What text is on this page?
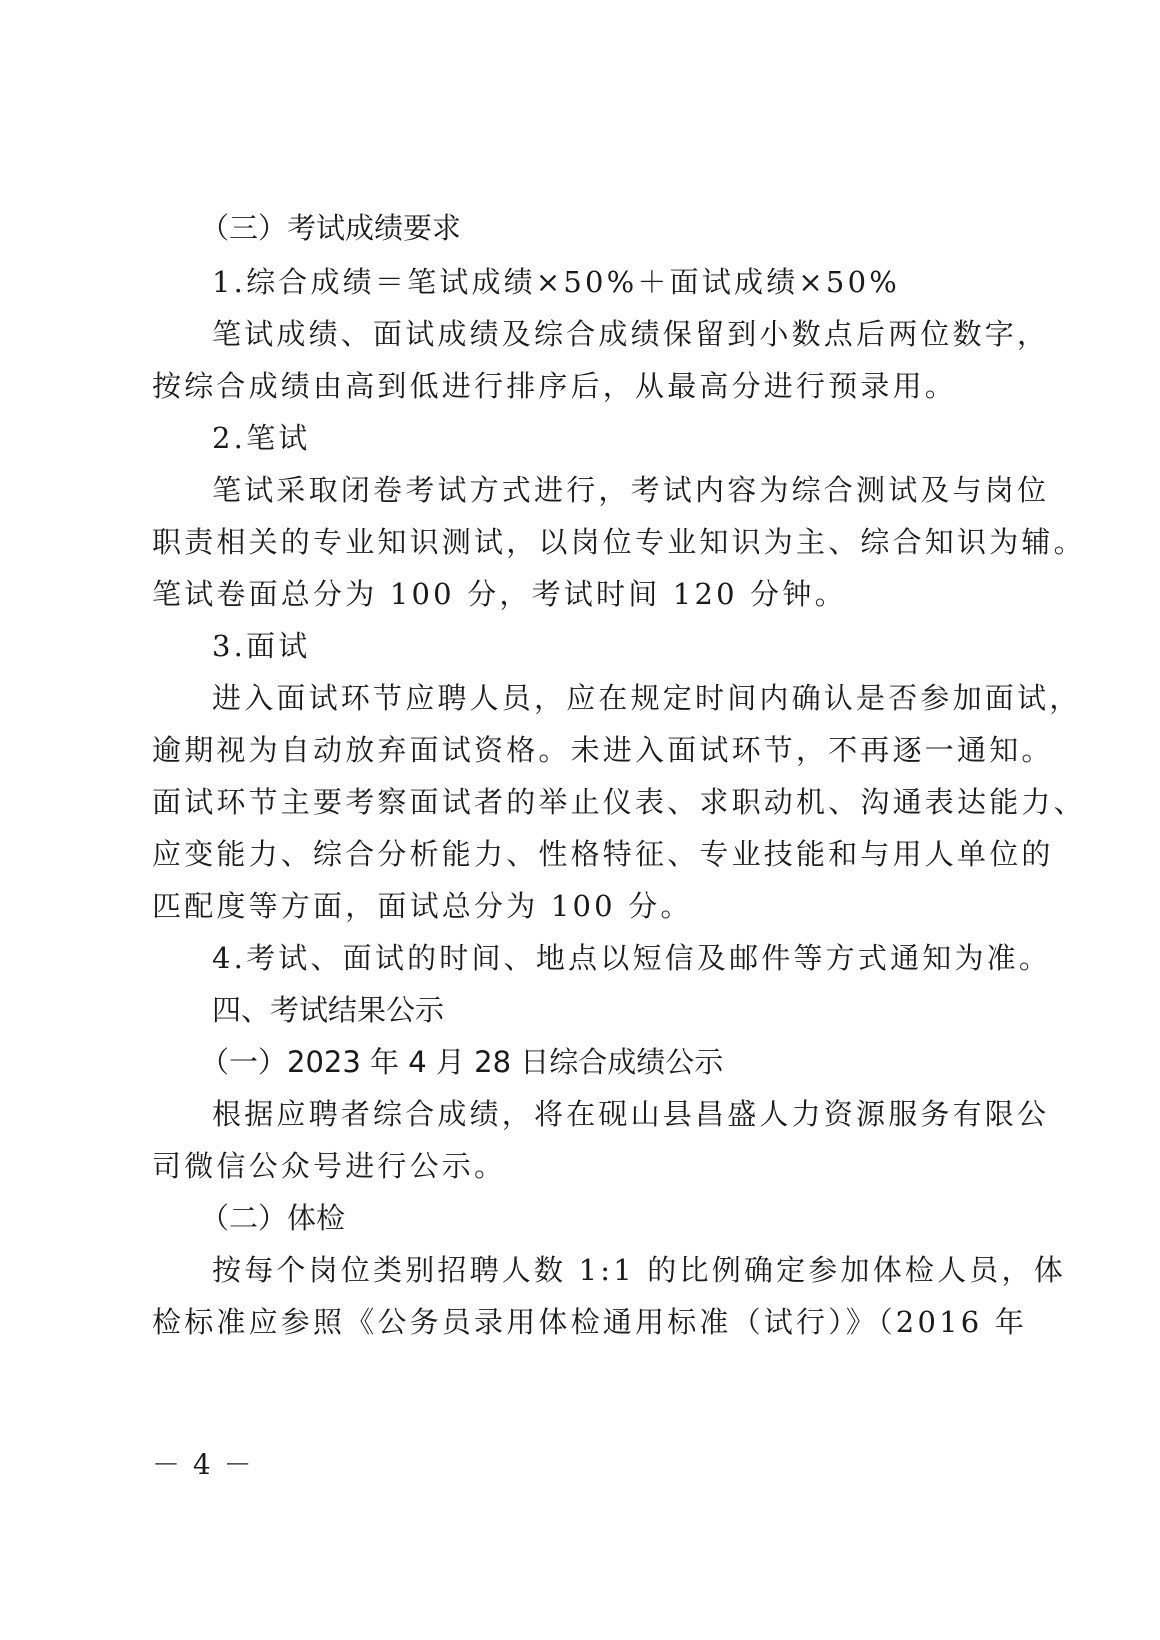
（三）考试成绩要求
1.综合成绩＝笔试成绩×50%＋面试成绩×50%
笔试成绩、面试成绩及综合成绩保留到小数点后两位数字，
按综合成绩由高到低进行排序后，从最高分进行预录用。
2.笔试
笔试采取闭卷考试方式进行，考试内容为综合测试及与岗位
职责相关的专业知识测试，以岗位专业知识为主、综合知识为辅。
笔试卷面总分为 100 分，考试时间 120 分钟。
3.面试
进入面试环节应聘人员，应在规定时间内确认是否参加面试，
逾期视为自动放弃面试资格。未进入面试环节，不再逐一通知。
面试环节主要考察面试者的举止仪表、求职动机、沟通表达能力、
应变能力、综合分析能力、性格特征、专业技能和与用人单位的
匹配度等方面，面试总分为 100 分。
4.考试、面试的时间、地点以短信及邮件等方式通知为准。
四、考试结果公示
（一）2023 年 4 月 28 日综合成绩公示
根据应聘者综合成绩，将在砚山县昌盛人力资源服务有限公
司微信公众号进行公示。
（二）体检
按每个岗位类别招聘人数 1:1 的比例确定参加体检人员，体
检标准应参照《公务员录用体检通用标准（试行）》（2016 年
－ 4 －
